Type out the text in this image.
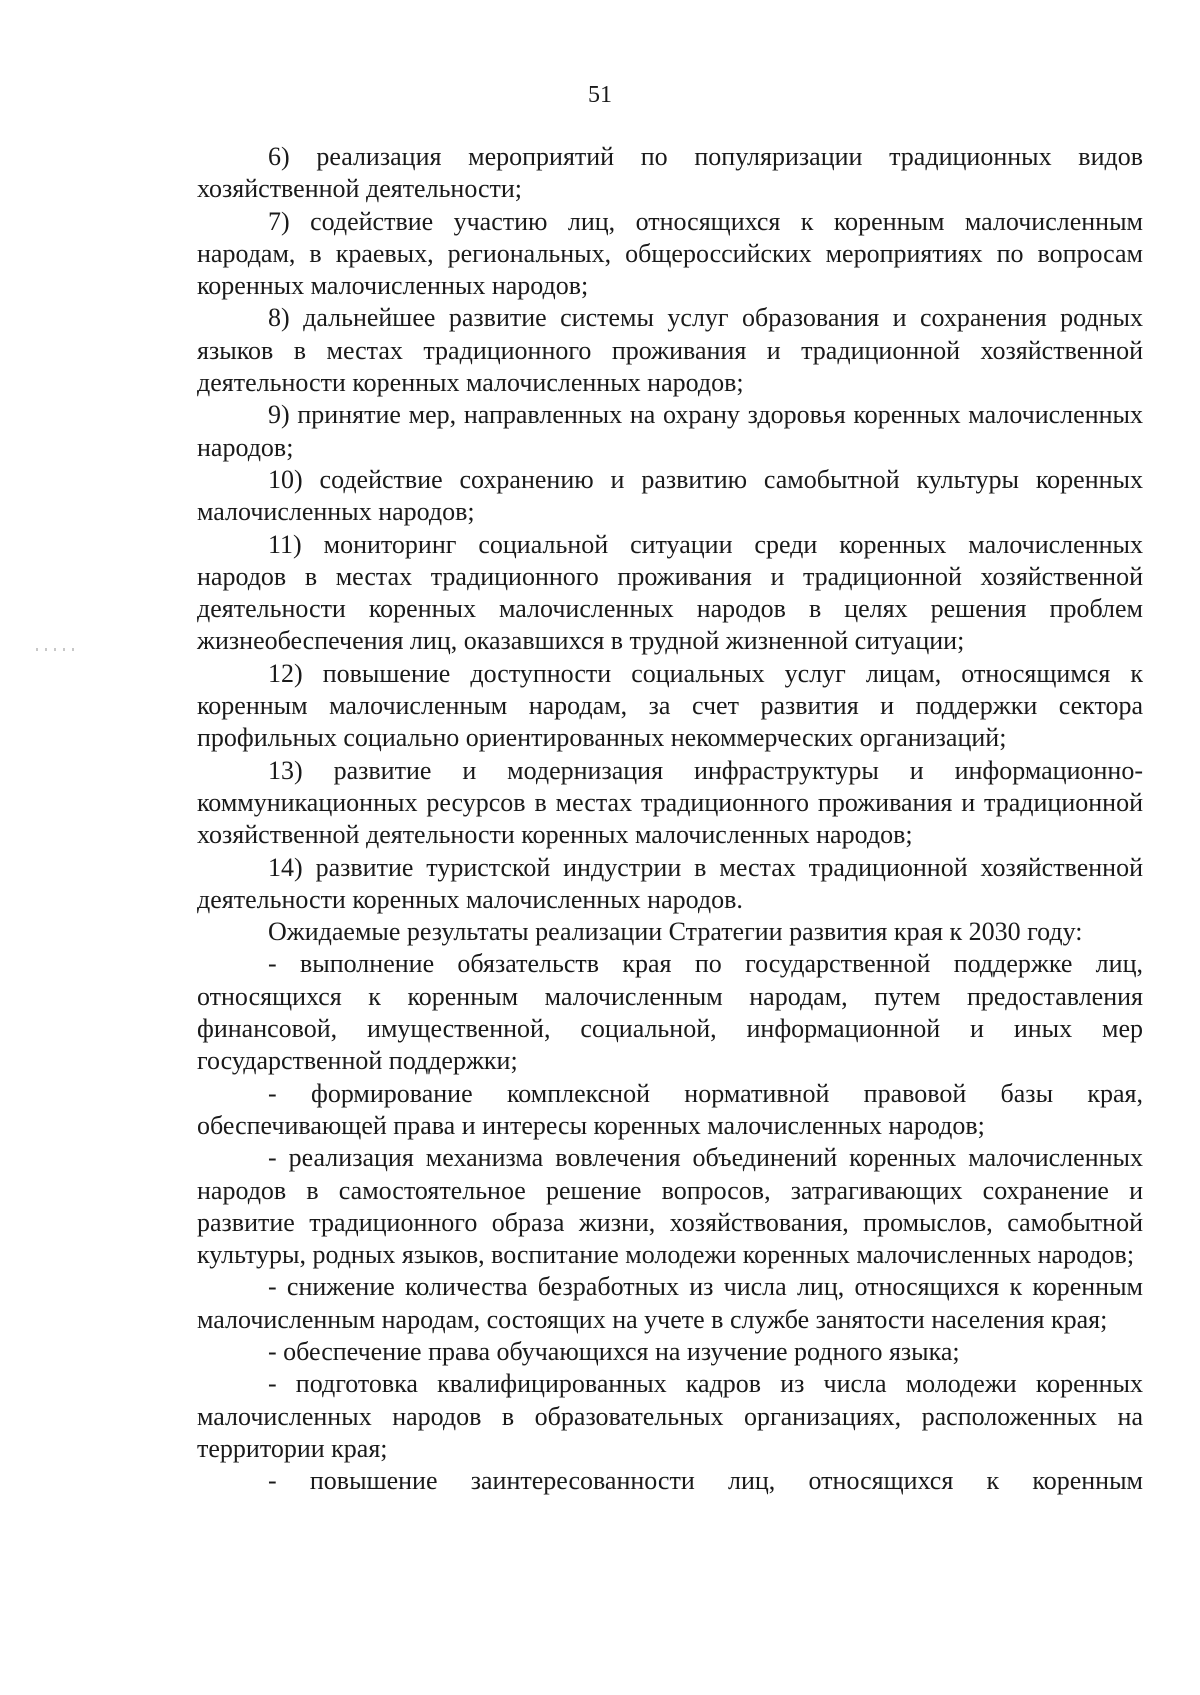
51

6) реализация мероприятий по популяризации традиционных видов хозяйственной деятельности;

7) содействие участию лиц, относящихся к коренным малочисленным народам, в краевых, региональных, общероссийских мероприятиях по вопросам коренных малочисленных народов;

8) дальнейшее развитие системы услуг образования и сохранения родных языков в местах традиционного проживания и традиционной хозяйственной деятельности коренных малочисленных народов;

9) принятие мер, направленных на охрану здоровья коренных малочисленных народов;

10) содействие сохранению и развитию самобытной культуры коренных малочисленных народов;

11) мониторинг социальной ситуации среди коренных малочисленных народов в местах традиционного проживания и традиционной хозяйственной деятельности коренных малочисленных народов в целях решения проблем жизнеобеспечения лиц, оказавшихся в трудной жизненной ситуации;

12) повышение доступности социальных услуг лицам, относящимся к коренным малочисленным народам, за счет развития и поддержки сектора профильных социально ориентированных некоммерческих организаций;

13) развитие и модернизация инфраструктуры и информационно-коммуникационных ресурсов в местах традиционного проживания и традиционной хозяйственной деятельности коренных малочисленных народов;

14) развитие туристской индустрии в местах традиционной хозяйственной деятельности коренных малочисленных народов.

Ожидаемые результаты реализации Стратегии развития края к 2030 году:

- выполнение обязательств края по государственной поддержке лиц, относящихся к коренным малочисленным народам, путем предоставления финансовой, имущественной, социальной, информационной и иных мер государственной поддержки;

- формирование комплексной нормативной правовой базы края, обеспечивающей права и интересы коренных малочисленных народов;

- реализация механизма вовлечения объединений коренных малочисленных народов в самостоятельное решение вопросов, затрагивающих сохранение и развитие традиционного образа жизни, хозяйствования, промыслов, самобытной культуры, родных языков, воспитание молодежи коренных малочисленных народов;

- снижение количества безработных из числа лиц, относящихся к коренным малочисленным народам, состоящих на учете в службе занятости населения края;

- обеспечение права обучающихся на изучение родного языка;

- подготовка квалифицированных кадров из числа молодежи коренных малочисленных народов в образовательных организациях, расположенных на территории края;

- повышение заинтересованности лиц, относящихся к коренным
